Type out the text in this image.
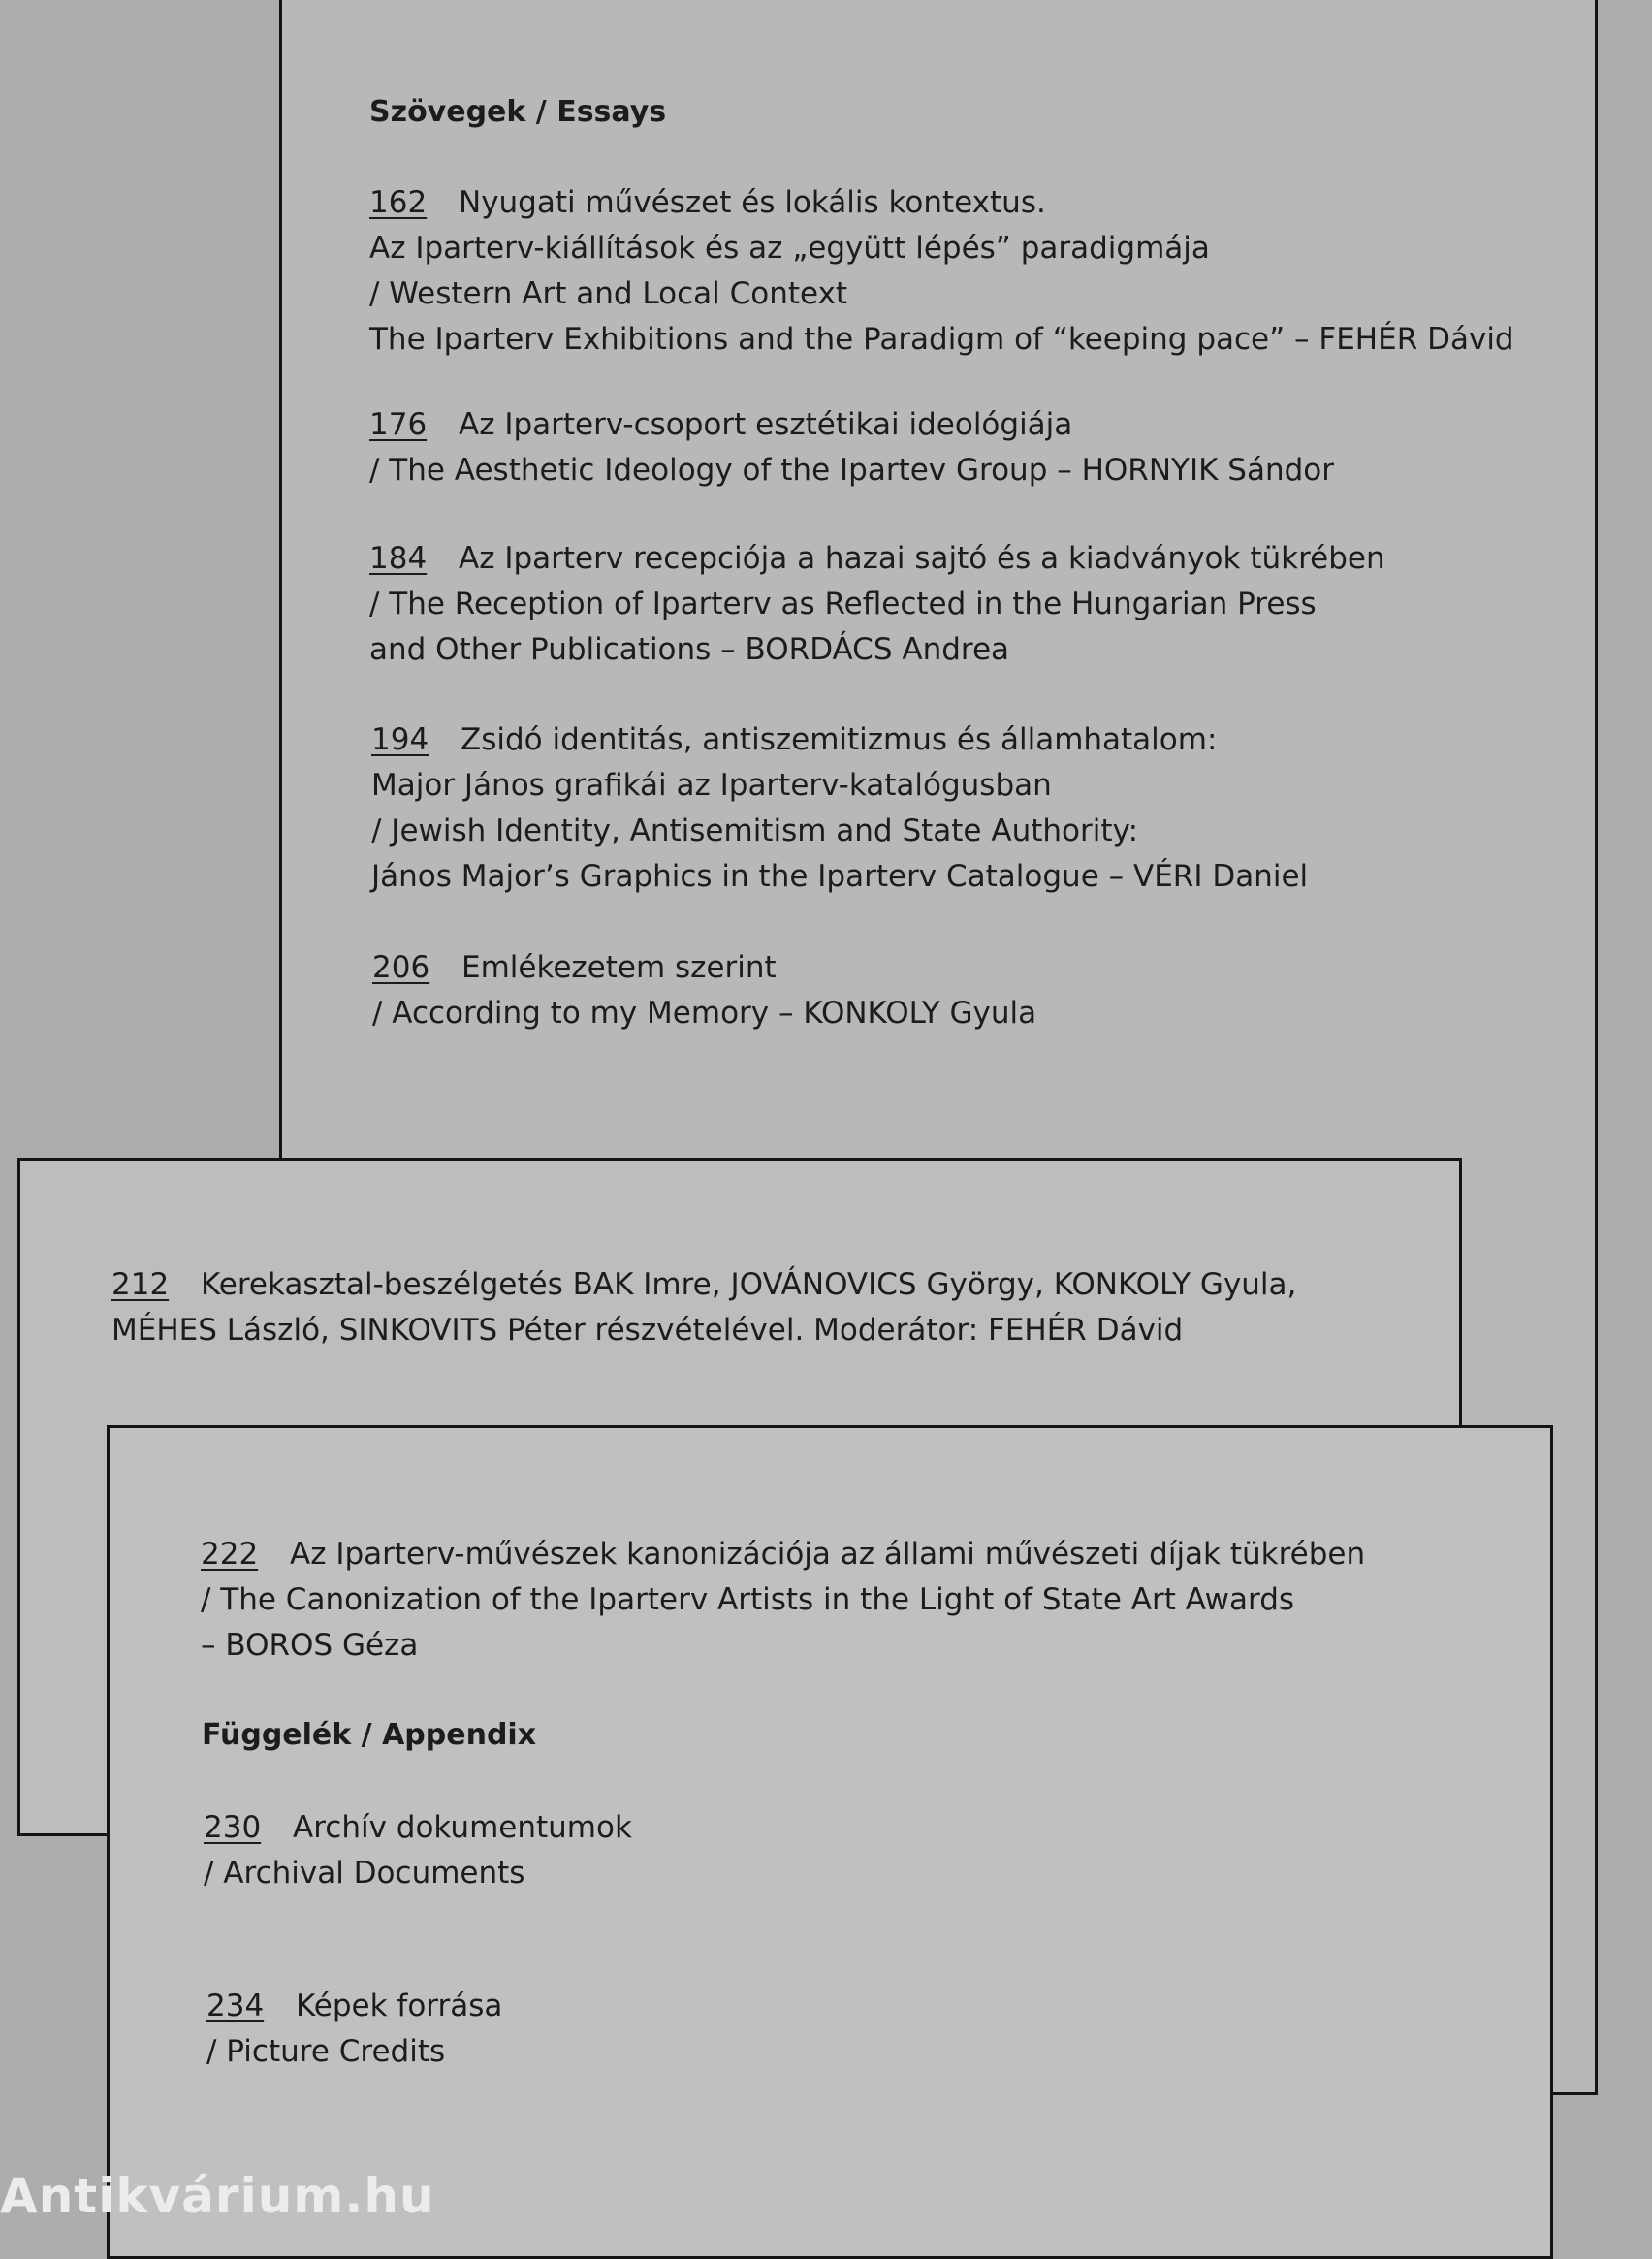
Szövegek / Essays
162 Nyugati művészet és lokális kontextus.
Az Iparterv-kiállítások és az „együtt lépés” paradigmája
/ Western Art and Local Context
The Iparterv Exhibitions and the Paradigm of “keeping pace” – FEHÉR Dávid
176 Az Iparterv-csoport esztétikai ideológiája
/ The Aesthetic Ideology of the Ipartev Group – HORNYIK Sándor
184 Az Iparterv recepciója a hazai sajtó és a kiadványok tükrében
/ The Reception of Iparterv as Reflected in the Hungarian Press
and Other Publications – BORDÁCS Andrea
194 Zsidó identitás, antiszemitizmus és államhatalom:
Major János grafikái az Iparterv-katalógusban
/ Jewish Identity, Antisemitism and State Authority:
János Major’s Graphics in the Iparterv Catalogue – VÉRI Daniel
206 Emlékezetem szerint
/ According to my Memory – KONKOLY Gyula
212 Kerekasztal-beszélgetés BAK Imre, JOVÁNOVICS György, KONKOLY Gyula,
MÉHES László, SINKOVITS Péter részvételével. Moderátor: FEHÉR Dávid
222 Az Iparterv-művészek kanonizációja az állami művészeti díjak tükrében
/ The Canonization of the Iparterv Artists in the Light of State Art Awards
– BOROS Géza
Függelék / Appendix
230 Archív dokumentumok
/ Archival Documents
234 Képek forrása
/ Picture Credits
Antikvárium.hu
